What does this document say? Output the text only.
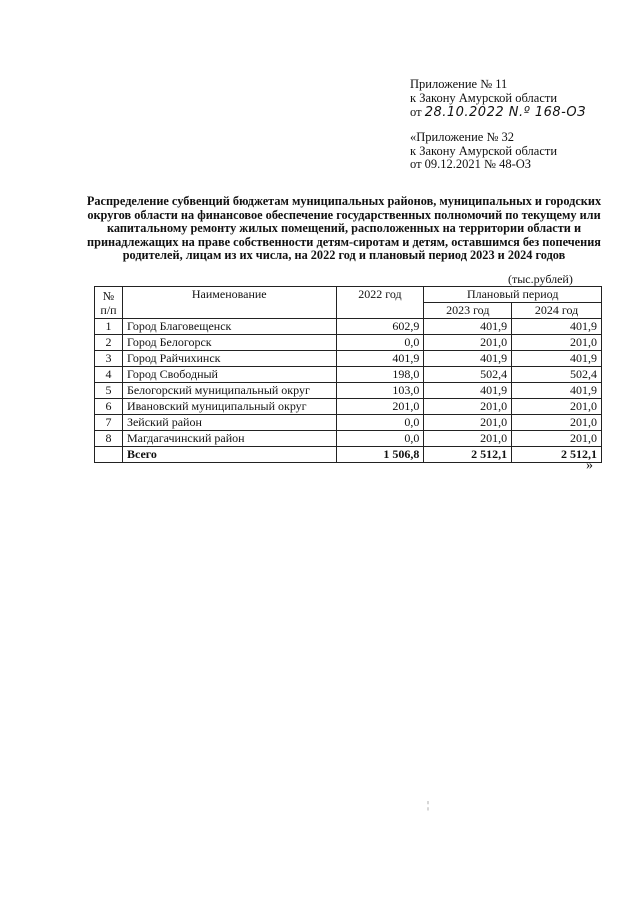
Приложение № 11
к Закону Амурской области
от 28.10.2022 N.º 168-ОЗ
«Приложение № 32
к Закону Амурской области
от 09.12.2021 № 48-ОЗ
Распределение субвенций бюджетам муниципальных районов, муниципальных и городских округов области на финансовое обеспечение государственных полномочий по текущему или капитальному ремонту жилых помещений, расположенных на территории области и принадлежащих на праве собственности детям-сиротам и детям, оставшимся без попечения родителей, лицам из их числа, на 2022 год и плановый период 2023 и 2024 годов
(тыс.рублей)
№ п/п	Наименование	2022 год	Плановый период	
			2023 год	2024 год
1	Город Благовещенск	602,9	401,9	401,9
2	Город Белогорск	0,0	201,0	201,0
3	Город Райчихинск	401,9	401,9	401,9
4	Город Свободный	198,0	502,4	502,4
5	Белогорский муниципальный округ	103,0	401,9	401,9
6	Ивановский муниципальный округ	201,0	201,0	201,0
7	Зейский район	0,0	201,0	201,0
8	Магдагачинский район	0,0	201,0	201,0
	Всего	1 506,8	2 512,1	2 512,1
»
¦
